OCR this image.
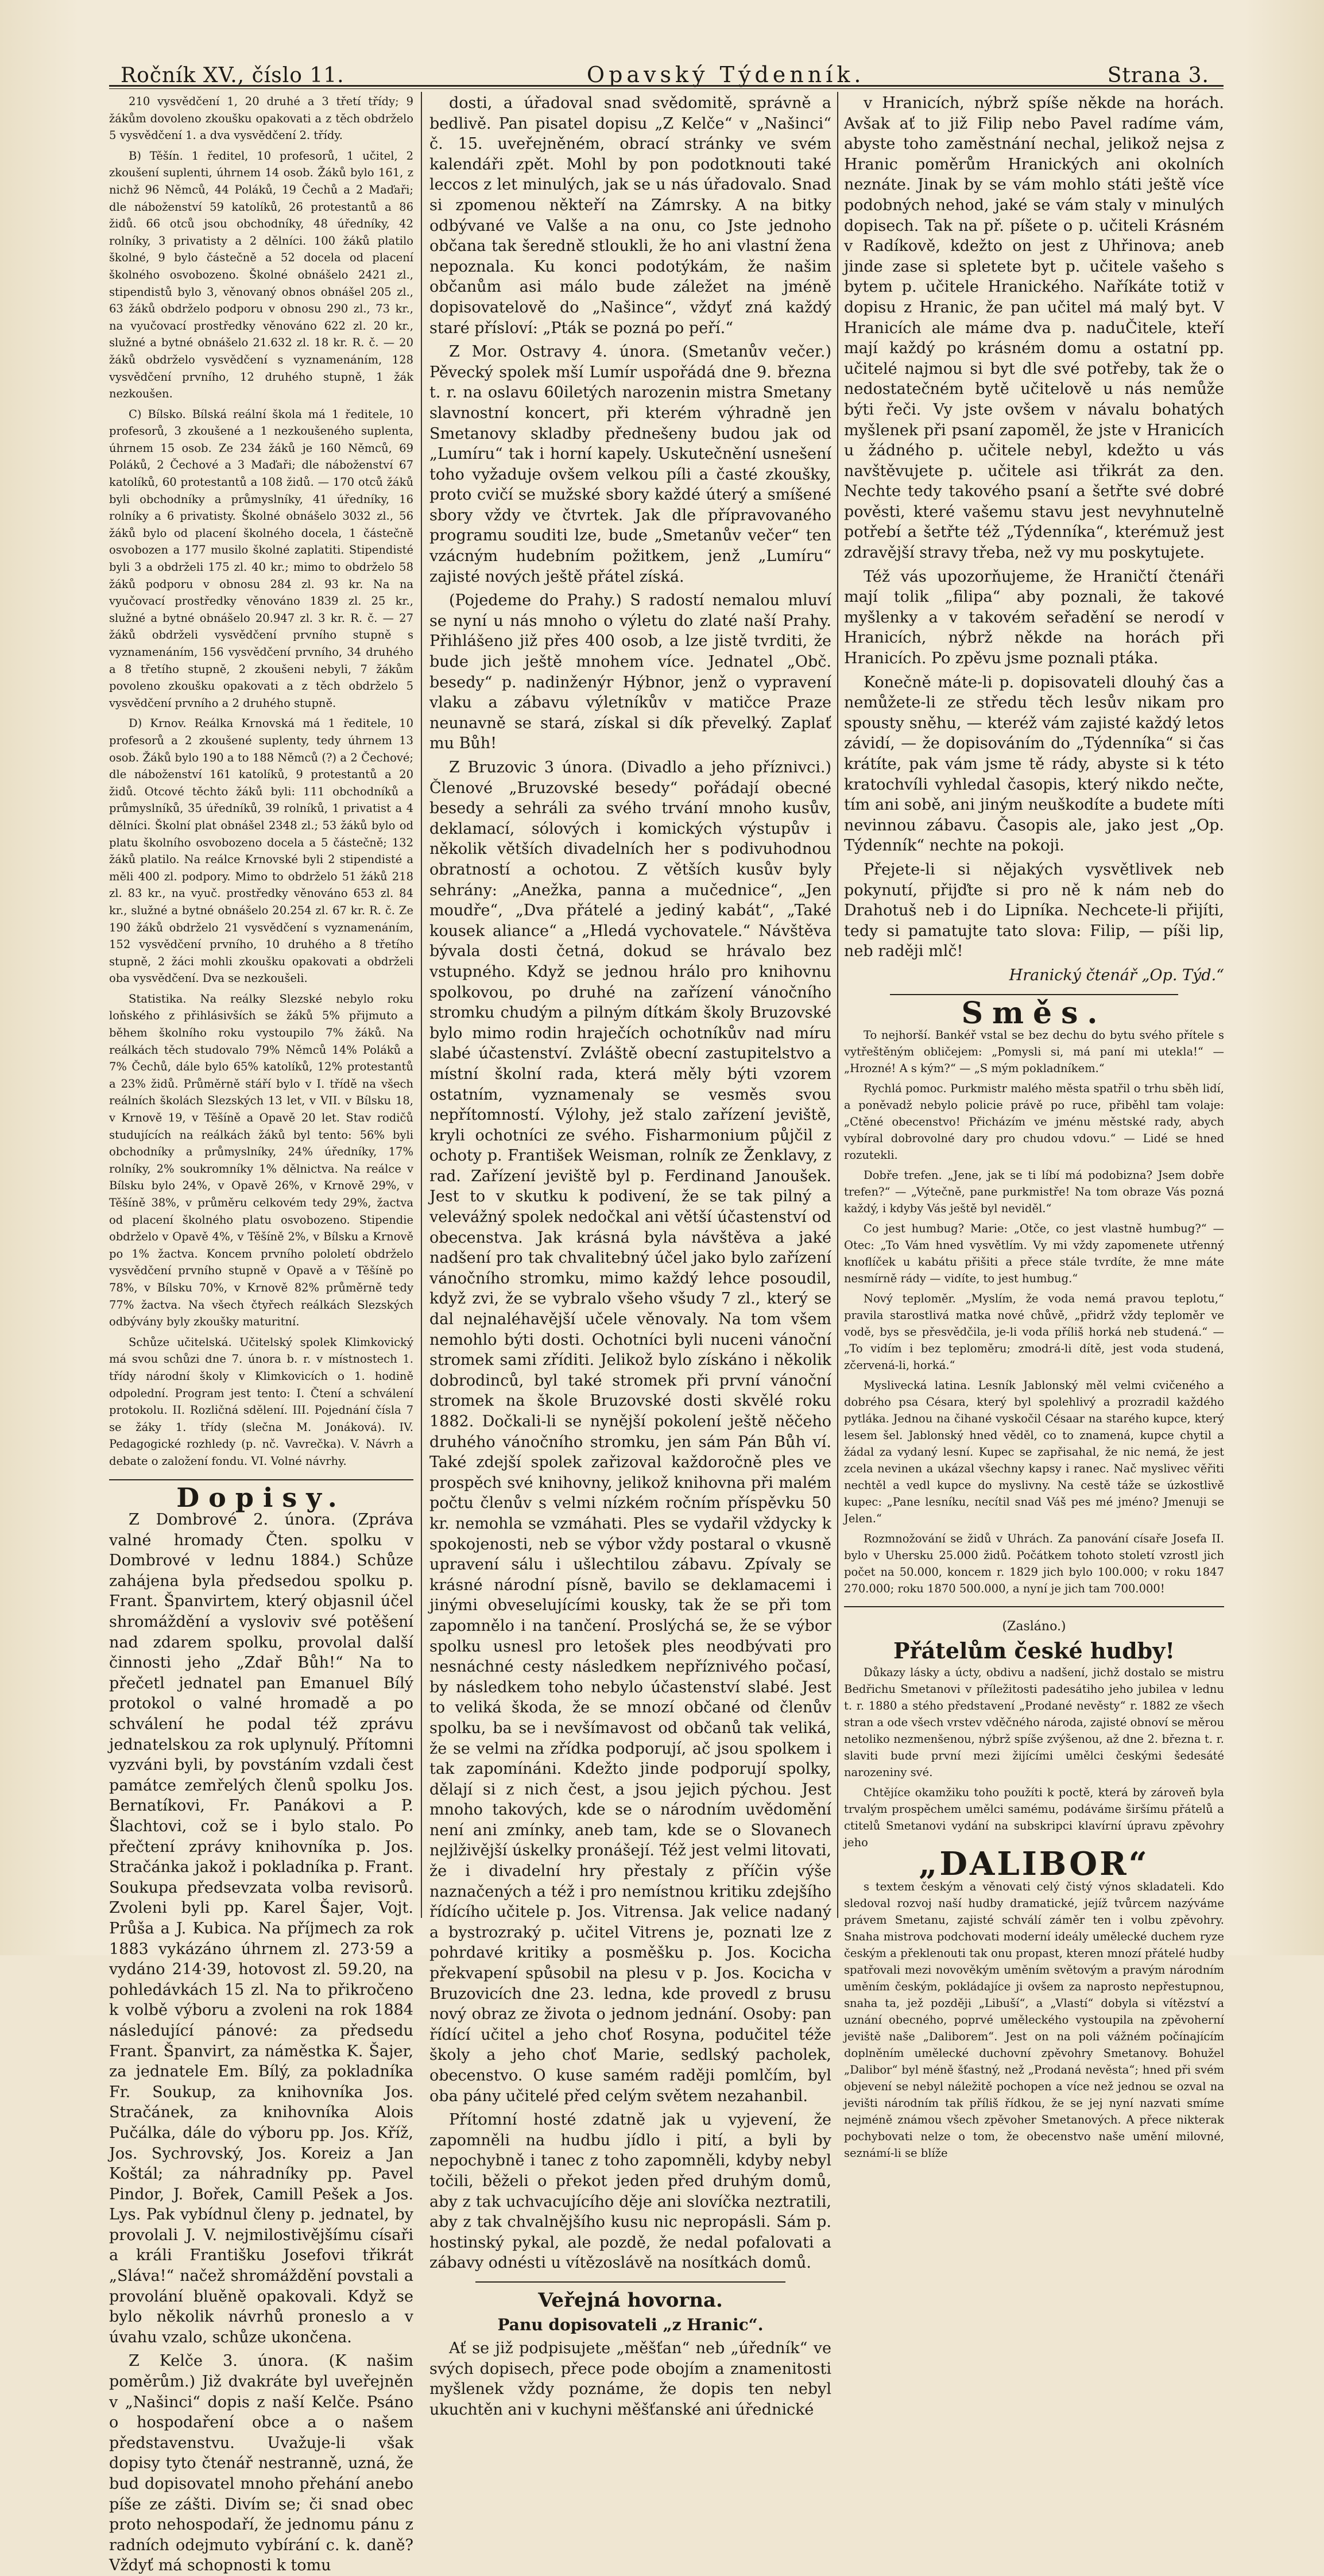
Ročník XV., číslo 11.	Opavský Týdenník.	Strana 3.

210 vysvědčení 1, 20 druhé a 3 třetí třídy; 9 žákům dovoleno zkoušku opakovati a z těch obdrželo 5 vysvědčení 1. a dva vysvědčení 2. třídy.

B) Těšín. 1 ředitel, 10 profesorů, 1 učitel, 2 zkoušení suplenti, úhrnem 14 osob. Žáků bylo 161, z nichž 96 Němců, 44 Poláků, 19 Čechů a 2 Maďaři; dle náboženství 59 katolíků, 26 protestantů a 86 židů. 66 otců jsou obchodníky, 48 úředníky, 42 rolníky, 3 privatisty a 2 dělníci. 100 žáků platilo školné, 9 bylo částečně a 52 docela od placení školného osvobozeno. Školné obnášelo 2421 zl., stipendistů bylo 3, věnovaný obnos obnášel 205 zl., 63 žáků obdrželo podporu v obnosu 290 zl., 73 kr., na vyučovací prostředky věnováno 622 zl. 20 kr., služné a bytné obnášelo 21.632 zl. 18 kr. R. č. — 20 žáků obdrželo vysvědčení s vyznamenáním, 128 vysvědčení prvního, 12 druhého stupně, 1 žák nezkoušen.

C) Bílsko. Bílská reální škola má 1 ředitele, 10 profesorů, 3 zkoušené a 1 nezkoušeného suplenta, úhrnem 15 osob. Ze 234 žáků je 160 Němců, 69 Poláků, 2 Čechové a 3 Maďaři; dle náboženství 67 katolíků, 60 protestantů a 108 židů. — 170 otců žáků byli obchodníky a průmyslníky, 41 úředníky, 16 rolníky a 6 privatisty. Školné obnášelo 3032 zl., 56 žáků bylo od placení školného docela, 1 částečně osvobozen a 177 musilo školné zaplatiti. Stipendisté byli 3 a obdrželi 175 zl. 40 kr.; mimo to obdrželo 58 žáků podporu v obnosu 284 zl. 93 kr. Na na vyučovací prostředky věnováno 1839 zl. 25 kr., služné a bytné obnášelo 20.947 zl. 3 kr. R. č. — 27 žáků obdrželi vysvědčení prvního stupně s vyznamenáním, 156 vysvědčení prvního, 34 druhého a 8 třetího stupně, 2 zkoušeni nebyli, 7 žákům povoleno zkoušku opakovati a z těch obdrželo 5 vysvědčení prvního a 2 druhého stupně.

D) Krnov. Reálka Krnovská má 1 ředitele, 10 profesorů a 2 zkoušené suplenty, tedy úhrnem 13 osob. Žáků bylo 190 a to 188 Němců (?) a 2 Čechové; dle náboženství 161 katolíků, 9 protestantů a 20 židů. Otcové těchto žáků byli: 111 obchodníků a průmyslníků, 35 úředníků, 39 rolníků, 1 privatist a 4 dělníci. Školní plat obnášel 2348 zl.; 53 žáků bylo od platu školního osvobozeno docela a 5 částečně; 132 žáků platilo. Na reálce Krnovské byli 2 stipendisté a měli 400 zl. podpory. Mimo to obdrželo 51 žáků 218 zl. 83 kr., na vyuč. prostředky věnováno 653 zl. 84 kr., služné a bytné obnášelo 20.254 zl. 67 kr. R. č. Ze 190 žáků obdrželo 21 vysvědčení s vyznamenáním, 152 vysvědčení prvního, 10 druhého a 8 třetího stupně, 2 žáci mohli zkoušku opakovati a obdrželi oba vysvědčení. Dva se nezkoušeli.

Statistika. Na reálky Slezské nebylo roku loňského z přihlásivších se žáků 5% přijmuto a během školního roku vystoupilo 7% žáků. Na reálkách těch studovalo 79% Němců 14% Poláků a 7% Čechů, dále bylo 65% katolíků, 12% protestantů a 23% židů. Průměrně stáří bylo v I. třídě na všech reálních školách Slezských 13 let, v VII. v Bílsku 18, v Krnově 19, v Těšíně a Opavě 20 let. Stav rodičů studujících na reálkách žáků byl tento: 56% byli obchodníky a průmyslníky, 24% úředníky, 17% rolníky, 2% soukromníky 1% dělnictva. Na reálce v Bílsku bylo 24%, v Opavě 26%, v Krnově 29%, v Těšíně 38%, v průměru celkovém tedy 29%, žactva od placení školného platu osvobozeno. Stipendie obdrželo v Opavě 4%, v Těšíně 2%, v Bílsku a Krnově po 1% žactva. Koncem prvního pololetí obdrželo vysvědčení prvního stupně v Opavě a v Těšíně po 78%, v Bílsku 70%, v Krnově 82% průměrně tedy 77% žactva. Na všech čtyřech reálkách Slezských odbývány byly zkoušky maturitní.

Schůze učitelská. Učitelský spolek Klimkovický má svou schůzi dne 7. února b. r. v místnostech 1. třídy národní školy v Klimkovicích o 1. hodině odpolední. Program jest tento: I. Čtení a schválení protokolu. II. Rozličná sdělení. III. Pojednání čísla 7 se žáky 1. třídy (slečna M. Jonáková). IV. Pedagogické rozhledy (p. nč. Vavrečka). V. Návrh a debate o založení fondu. VI. Volné návrhy.

Dopisy.

Z Dombrové 2. února. (Zpráva valné hromady Čten. spolku v Dombrové v lednu 1884.) Schůze zahájena byla předsedou spolku p. Frant. Španvirtem, který objasnil účel shromáždění a vysloviv své potěšení nad zdarem spolku, provolal další činnosti jeho „Zdař Bůh!“ Na to přečetl jednatel pan Emanuel Bílý protokol o valné hromadě a po schválení he podal též zprávu jednatelskou za rok uplynulý. Přítomni vyzváni byli, by povstáním vzdali čest památce zemřelých členů spolku Jos. Bernatíkovi, Fr. Panákovi a P. Šlachtovi, což se i bylo stalo. Po přečtení zprávy knihovníka p. Jos. Stračánka jakož i pokladníka p. Frant. Soukupa předsevzata volba revisorů. Zvoleni byli pp. Karel Šajer, Vojt. Průša a J. Kubica. Na příjmech za rok 1883 vykázáno úhrnem zl. 273·59 a vydáno 214·39, hotovost zl. 59.20, na pohledávkách 15 zl. Na to přikročeno k volbě výboru a zvoleni na rok 1884 následující pánové: za předsedu Frant. Španvirt, za náměstka K. Šajer, za jednatele Em. Bílý, za pokladníka Fr. Soukup, za knihovníka Jos. Stračánek, za knihovníka Alois Pučálka, dále do výboru pp. Jos. Kříž, Jos. Sychrovský, Jos. Koreiz a Jan Koštál; za náhradníky pp. Pavel Pindor, J. Bořek, Camill Pešek a Jos. Lys. Pak vybídnul členy p. jednatel, by provolali J. V. nejmilostivějšímu císaři a králi Františku Josefovi třikrát „Sláva!“ načež shromáždění povstali a provolání bluěně opakovali. Když se bylo několik návrhů proneslo a v úvahu vzalo, schůze ukončena.

Z Kelče 3. února. (K našim poměrům.) Již dvakráte byl uveřejněn v „Našinci“ dopis z naší Kelče. Psáno o hospodaření obce a o našem představenstvu. Uvažuje-li však dopisy tyto čtenář nestranně, uzná, že bud dopisovatel mnoho přehání anebo píše ze zášti. Divím se; či snad obec proto nehospodaří, že jednomu pánu z radních odejmuto vybírání c. k. daně? Vždyť má schopnosti k tomu

dosti, a úřadoval snad svědomitě, správně a bedlivě. Pan pisatel dopisu „Z Kelče“ v „Našinci“ č. 15. uveřejněném, obrací stránky ve svém kalendáři zpět. Mohl by pon podotknouti také leccos z let minulých, jak se u nás úřadovalo. Snad si zpomenou někteří na Zámrsky. A na bitky odbývané ve Valše a na onu, co Jste jednoho občana tak šeredně stloukli, že ho ani vlastní žena nepoznala. Ku konci podotýkám, že našim občanům asi málo bude záležet na jméně dopisovatelově do „Našince“, vždyť zná každý staré přísloví: „Pták se pozná po peří.“

Z Mor. Ostravy 4. února. (Smetanův večer.) Pěvecký spolek mší Lumír uspořádá dne 9. března t. r. na oslavu 60iletých narozenin mistra Smetany slavnostní koncert, při kterém výhradně jen Smetanovy skladby přednešeny budou jak od „Lumíru“ tak i horní kapely. Uskutečnění usnešení toho vyžaduje ovšem velkou píli a časté zkoušky, proto cvičí se mužské sbory každé úterý a smíšené sbory vždy ve čtvrtek. Jak dle přípravovaného programu souditi lze, bude „Smetanův večer“ ten vzácným hudebním požitkem, jenž „Lumíru“ zajisté nových ještě přátel získá.

(Pojedeme do Prahy.) S radostí nemalou mluví se nyní u nás mnoho o výletu do zlaté naší Prahy. Přihlášeno již přes 400 osob, a lze jistě tvrditi, že bude jich ještě mnohem více. Jednatel „Obč. besedy“ p. nadinženýr Hýbnor, jenž o vypravení vlaku a zábavu výletníkův v matičce Praze neunavně se stará, získal si dík převelký. Zaplať mu Bůh!

Z Bruzovic 3 února. (Divadlo a jeho příznivci.) Členové „Bruzovské besedy“ pořádají obecné besedy a sehráli za svého trvání mnoho kusův, deklamací, sólových i komických výstupův i několik větších divadelních her s podivuhodnou obratností a ochotou. Z větších kusův byly sehrány: „Anežka, panna a mučednice“, „Jen moudře“, „Dva přátelé a jediný kabát“, „Také kousek aliance“ a „Hledá vychovatele.“ Návštěva bývala dosti četná, dokud se hrávalo bez vstupného. Když se jednou hrálo pro knihovnu spolkovou, po druhé na zařízení vánočního stromku chudým a pilným dítkám školy Bruzovské bylo mimo rodin hraječích ochotníkův nad míru slabé účastenství. Zvláště obecní zastupitelstvo a místní školní rada, která měly býti vzorem ostatním, vyznamenaly se vesměs svou nepřítomností. Výlohy, jež stalo zařízení jeviště, kryli ochotníci ze svého. Fisharmonium půjčil z ochoty p. František Weisman, rolník ze Ženklavy, z rad. Zařízení jeviště byl p. Ferdinand Janoušek. Jest to v skutku k podivení, že se tak pilný a velevážný spolek nedočkal ani větší účastenství od obecenstva. Jak krásná byla návštěva a jaké nadšení pro tak chvalitebný účel jako bylo zařízení vánočního stromku, mimo každý lehce posoudil, když zvi, že se vybralo všeho všudy 7 zl., který se dal nejnaléhavější učele věnovaly. Na tom všem nemohlo býti dosti. Ochotníci byli nuceni vánoční stromek sami zříditi. Jelikož bylo získáno i několik dobrodinců, byl také stromek při první vánoční stromek na škole Bruzovské dosti skvělé roku 1882. Dočkali-li se nynější pokolení ještě něčeho druhého vánočního stromku, jen sám Pán Bůh ví. Také zdejší spolek zařizoval každoročně ples ve prospěch své knihovny, jelikož knihovna při malém počtu členův s velmi nízkém ročním příspěvku 50 kr. nemohla se vzmáhati. Ples se vydařil vždycky k spokojenosti, neb se výbor vždy postaral o vkusně upravení sálu i ušlechtilou zábavu. Zpívaly se krásné národní písně, bavilo se deklamacemi i jinými obveselujícími kousky, tak že se při tom zapomnělo i na tančení. Proslýchá se, že se výbor spolku usnesl pro letošek ples neodbývati pro nesnáchné cesty následkem nepříznivého počasí, by následkem toho nebylo účastenství slabé. Jest to veliká škoda, že se mnozí občané od členův spolku, ba se i nevšímavost od občanů tak veliká, že se velmi na zřídka podporují, ač jsou spolkem i tak zapomínáni. Kdežto jinde podporují spolky, dělají si z nich čest, a jsou jejich pýchou. Jest mnoho takových, kde se o národním uvědomění není ani zmínky, aneb tam, kde se o Slovanech nejlživější úskelky pronášejí. Též jest velmi litovati, že i divadelní hry přestaly z příčin výše naznačených a též i pro nemístnou kritiku zdejšího řídícího učitele p. Jos. Vitrensa. Jak velice nadaný a bystrozraký p. učitel Vitrens je, poznati lze z pohrdavé kritiky a posměšku p. Jos. Kocicha překvapení spůsobil na plesu v p. Jos. Kocicha v Bruzovicích dne 23. ledna, kde provedl z brusu nový obraz ze života o jednom jednání. Osoby: pan řídící učitel a jeho choť Rosyna, podučitel téže školy a jeho choť Marie, sedlský pacholek, obecenstvo. O kuse samém raději pomlčím, byl oba pány učitelé před celým světem nezahanbil.

Přítomní hosté zdatně jak u vyjevení, že zapomněli na hudbu jídlo i pití, a byli by nepochybně i tanec z toho zapomněli, kdyby nebyl točili, běželi o překot jeden před druhým domů, aby z tak uchvacujícího děje ani slovíčka neztratili, aby z tak chvalnějšího kusu nic nepropásli. Sám p. hostinský pykal, ale pozdě, že nedal pofalovati a zábavy odnésti u vítězoslávě na nosítkách domů.

Veřejná hovorna.

Panu dopisovateli „z Hranic“.

Ať se již podpisujete „měšťan“ neb „úředník“ ve svých dopisech, přece pode obojím a znamenitosti myšlenek vždy poznáme, že dopis ten nebyl ukuchtěn ani v kuchyni měšťanské ani úřednické

v Hranicích, nýbrž spíše někde na horách. Avšak ať to již Filip nebo Pavel radíme vám, abyste toho zaměstnání nechal, jelikož nejsa z Hranic poměrům Hranických ani okolních neznáte. Jinak by se vám mohlo státi ještě více podobných nehod, jaké se vám staly v minulých dopisech. Tak na př. píšete o p. učiteli Krásném v Radíkově, kdežto on jest z Uhřinova; aneb jinde zase si spletete byt p. učitele vašeho s bytem p. učitele Hranického. Naříkáte totiž v dopisu z Hranic, že pan učitel má malý byt. V Hranicích ale máme dva p. naduČitele, kteří mají každý po krásném domu a ostatní pp. učitelé najmou si byt dle své potřeby, tak že o nedostatečném bytě učitelově u nás nemůže býti řeči. Vy jste ovšem v návalu bohatých myšlenek při psaní zapoměl, že jste v Hranicích u žádného p. učitele nebyl, kdežto u vás navštěvujete p. učitele asi třikrát za den. Nechte tedy takového psaní a šetřte své dobré pověsti, které vašemu stavu jest nevyhnutelně potřebí a šetřte též „Týdenníka“, kterémuž jest zdravější stravy třeba, než vy mu poskytujete.

Též vás upozorňujeme, že Hraničtí čtenáři mají tolik „filipa“ aby poznali, že takové myšlenky a v takovém seřadění se nerodí v Hranicích, nýbrž někde na horách při Hranicích. Po zpěvu jsme poznali ptáka.

Konečně máte-li p. dopisovateli dlouhý čas a nemůžete-li ze středu těch lesův nikam pro spousty sněhu, — kteréž vám zajisté každý letos závidí, — že dopisováním do „Týdenníka“ si čas krátíte, pak vám jsme tě rády, abyste si k této kratochvíli vyhledal časopis, který nikdo nečte, tím ani sobě, ani jiným neuškodíte a budete míti nevinnou zábavu. Časopis ale, jako jest „Op. Týdenník“ nechte na pokoji.

Přejete-li si nějakých vysvětlivek neb pokynutí, přijďte si pro ně k nám neb do Drahotuš neb i do Lipníka. Nechcete-li přijíti, tedy si pamatujte tato slova: Filip, — píši lip, neb raději mlč!

Hranický čtenář „Op. Týd.“

Směs.

To nejhorší. Bankéř vstal se bez dechu do bytu svého přítele s vytřeštěným obličejem: „Pomysli si, má paní mi utekla!“ — „Hrozné! A s kým?“ — „S mým pokladníkem.“

Rychlá pomoc. Purkmistr malého města spatřil o trhu sběh lidí, a poněvadž nebylo policie právě po ruce, přiběhl tam volaje: „Ctěné obecenstvo! Přicházím ve jménu městské rady, abych vybíral dobrovolné dary pro chudou vdovu.“ — Lidé se hned rozutekli.

Dobře trefen. „Jene, jak se ti líbí má podobizna? Jsem dobře trefen?“ — „Výtečně, pane purkmistře! Na tom obraze Vás pozná každý, i kdyby Vás ještě byl neviděl.“

Co jest humbug? Marie: „Otče, co jest vlastně humbug?“ — Otec: „To Vám hned vysvětlím. Vy mi vždy zapomenete utřenný knoflíček u kabátu přišiti a přece stále tvrdíte, že mne máte nesmírně rády — vidíte, to jest humbug.“

Nový teploměr. „Myslím, že voda nemá pravou teplotu,“ pravila starostlivá matka nové chůvě, „přidrž vždy teploměr ve vodě, bys se přesvědčila, je-li voda příliš horká neb studená.“ — „To vidím i bez teploměru; zmodrá-li dítě, jest voda studená, zčervená-li, horká.“

Myslivecká latina. Lesník Jablonský měl velmi cvičeného a dobrého psa Césara, který byl spolehlivý a prozradil každého pytláka. Jednou na čihané vyskočil Césaar na starého kupce, který lesem šel. Jablonský hned věděl, co to znamená, kupce chytil a žádal za vydaný lesní. Kupec se zapřisahal, že nic nemá, že jest zcela nevinen a ukázal všechny kapsy i ranec. Nač myslivec věřiti nechtěl a vedl kupce do myslivny. Na cestě táže se úzkostlivě kupec: „Pane lesníku, necítil snad Váš pes mé jméno? Jmenuji se Jelen.“

Rozmnožování se židů v Uhrách. Za panování císaře Josefa II. bylo v Uhersku 25.000 židů. Počátkem tohoto století vzrostl jich počet na 50.000, koncem r. 1829 jich bylo 100.000; v roku 1847 270.000; roku 1870 500.000, a nyní je jich tam 700.000!

(Zasláno.)

Přátelům české hudby!

Důkazy lásky a úcty, obdivu a nadšení, jichž dostalo se mistru Bedřichu Smetanovi v příležitosti padesátiho jeho jubilea v lednu t. r. 1880 a stého představení „Prodané nevěsty“ r. 1882 ze všech stran a ode všech vrstev vděčného národa, zajisté obnoví se měrou netoliko nezmenšenou, nýbrž spíše zvýšenou, až dne 2. března t. r. slaviti bude první mezi žijícími umělci českými šedesáté narozeniny své.

Chtějíce okamžiku toho použíti k poctě, která by zároveň byla trvalým prospěchem umělci samému, podáváme širšímu přátelů a ctitelů Smetanovi vydání na subskripci klavírní úpravu zpěvohry jeho

„DALIBOR“

s textem českým a věnovati celý čistý výnos skladateli. Kdo sledoval rozvoj naší hudby dramatické, jejíž tvůrcem nazýváme právem Smetanu, zajisté schválí záměr ten i volbu zpěvohry. Snaha mistrova podchovati moderní ideály umělecké duchem ryze českým a překlenouti tak onu propast, kteren mnozí přátelé hudby spatřovali mezi novověkým uměním světovým a pravým národním uměním českým, pokládajíce ji ovšem za naprosto nepřestupnou, snaha ta, jež později „Libuší“, a „Vlastí“ dobyla si vítězství a uznání obecného, poprvé uměleckého vystoupila na zpěvoherní jeviště naše „Daliborem“. Jest on na poli vážném počínajícím doplněním umělecké duchovní zpěvohry Smetanovy. Bohužel „Dalibor“ byl méně šťastný, než „Prodaná nevěsta“; hned při svém objevení se nebyl náležitě pochopen a více než jednou se ozval na jevišti národním tak příliš řídkou, že se jej nyní nazvati smíme nejméně známou všech zpěvoher Smetanových. A přece nikterak pochybovati nelze o tom, že obecenstvo naše umění milovné, seznámí-li se blíže
